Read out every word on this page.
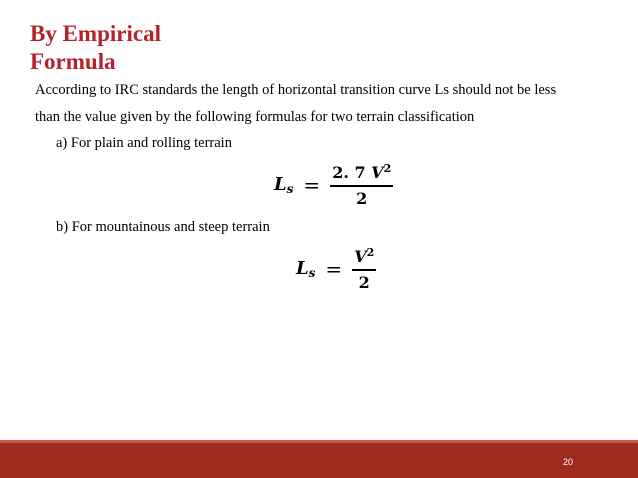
By Empirical
Formula

According to IRC standards the length of horizontal transition curve Ls should not be less

than the value given by the following formulas for two terrain classification

a) For plain and rolling terrain

$L_s = \frac{2. 7 V^2}{2}$

b) For mountainous and steep terrain

$L_s = \frac{V^2}{2}$
20
